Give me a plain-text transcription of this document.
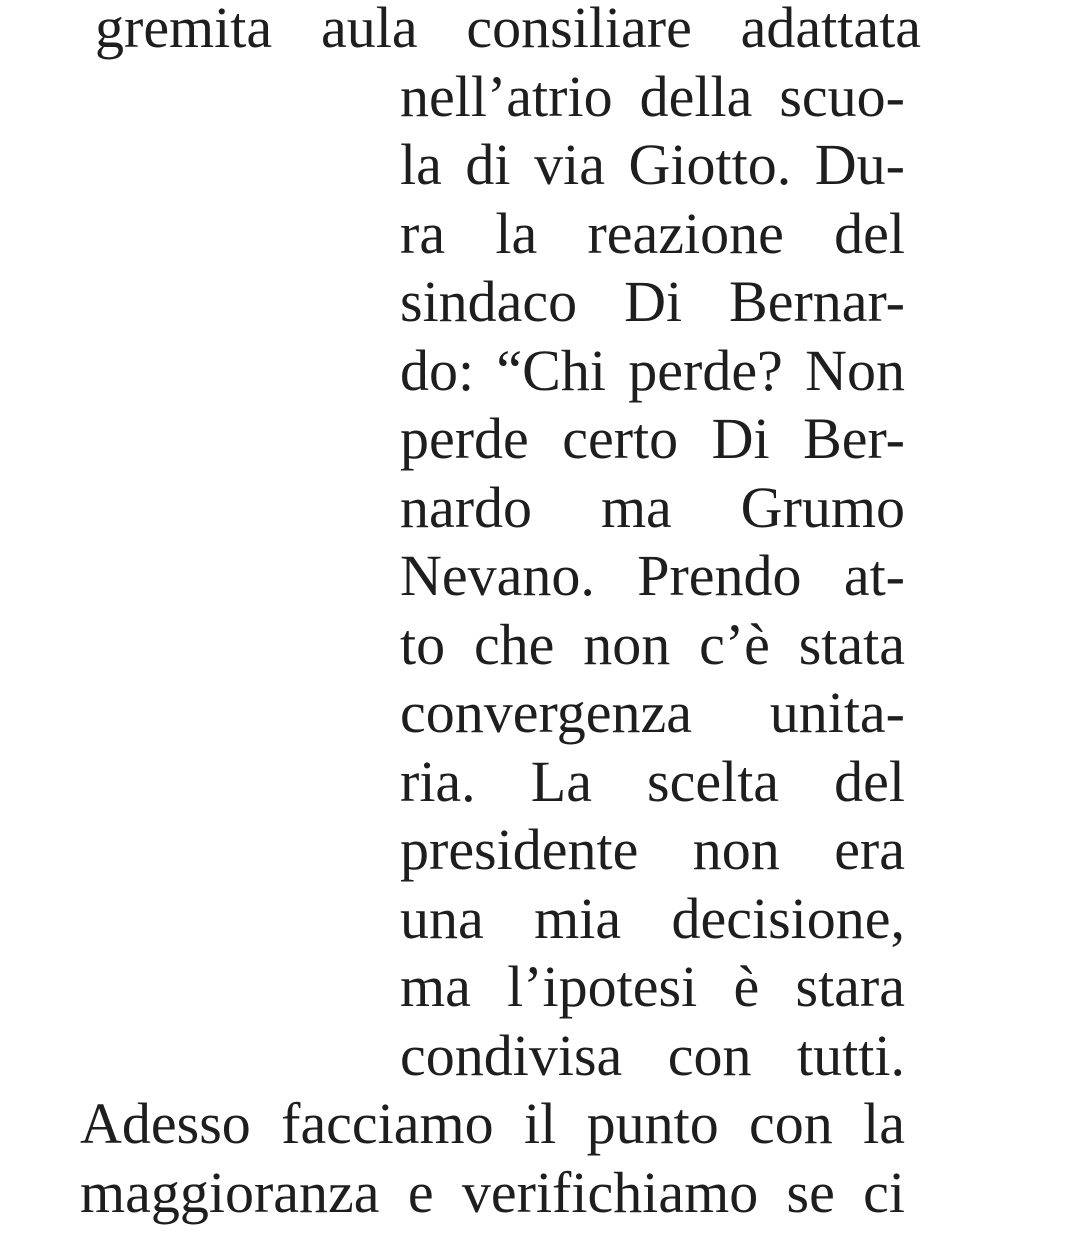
gremita aula consiliare adattata

nell’atrio della scuo-

la di via Giotto. Du-

ra la reazione del

sindaco Di Bernar-

do: “Chi perde? Non

perde certo Di Ber-

nardo ma Grumo

Nevano. Prendo at-

to che non c’è stata

convergenza unita-

ria. La scelta del

presidente non era

una mia decisione,

ma l’ipotesi è stara

condivisa con tutti.

Adesso facciamo il punto con la

maggioranza e verifichiamo se ci
